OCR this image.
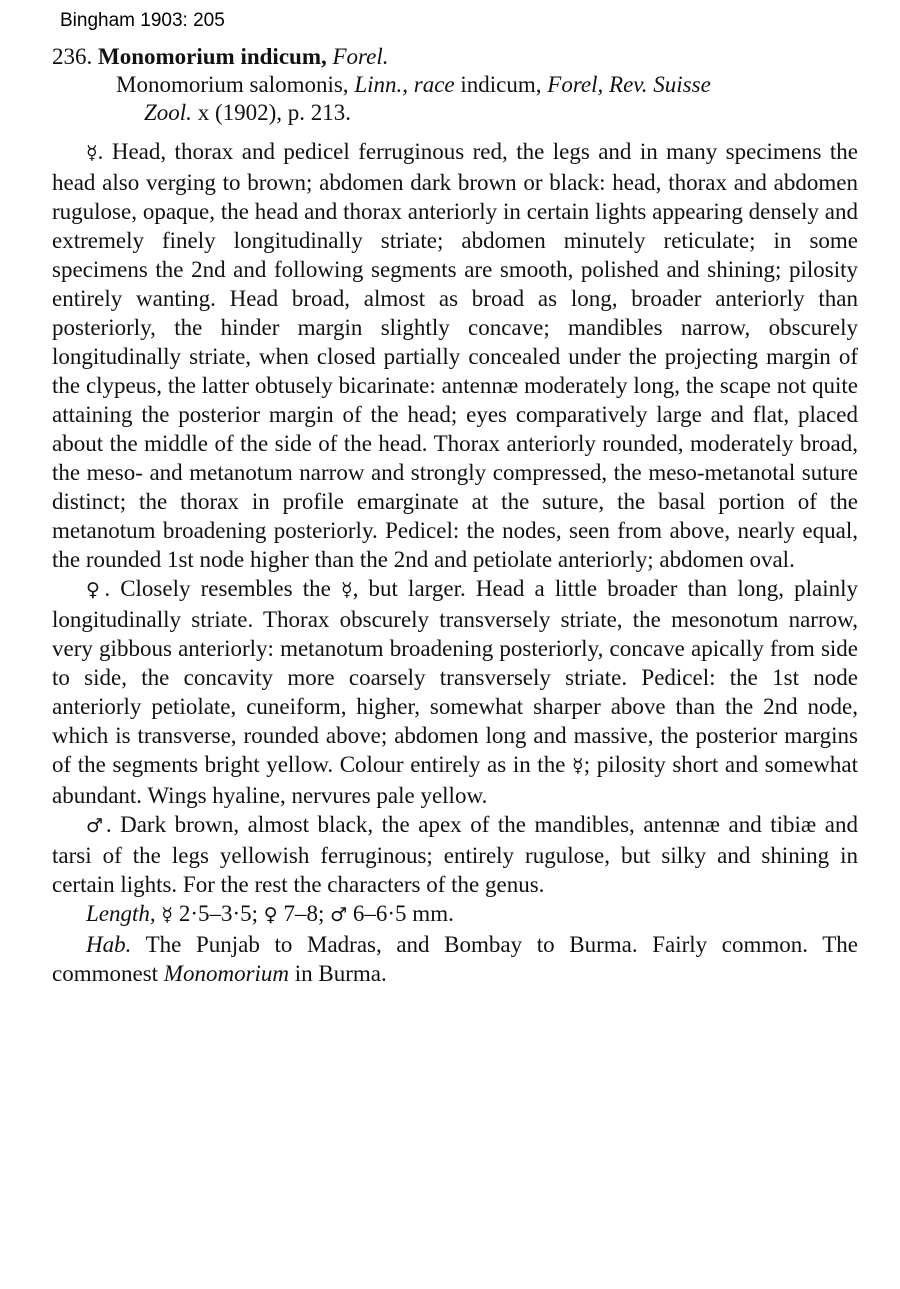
Bingham 1903: 205

236. Monomorium indicum, Forel.

Monomorium salomonis, Linn., race indicum, Forel, Rev. Suisse
Zool. x (1902), p. 213.

☿. Head, thorax and pedicel ferruginous red, the legs and in many specimens the head also verging to brown; abdomen dark brown or black: head, thorax and abdomen rugulose, opaque, the head and thorax anteriorly in certain lights appearing densely and extremely finely longitudinally striate; abdomen minutely reticulate; in some specimens the 2nd and following segments are smooth, polished and shining; pilosity entirely wanting. Head broad, almost as broad as long, broader anteriorly than posteriorly, the hinder margin slightly concave; mandibles narrow, obscurely longitudinally striate, when closed partially concealed under the projecting margin of the clypeus, the latter obtusely bicarinate: antennæ moderately long, the scape not quite attaining the posterior margin of the head; eyes comparatively large and flat, placed about the middle of the side of the head. Thorax anteriorly rounded, moderately broad, the meso- and metanotum narrow and strongly compressed, the meso-metanotal suture distinct; the thorax in profile emarginate at the suture, the basal portion of the metanotum broadening posteriorly. Pedicel: the nodes, seen from above, nearly equal, the rounded 1st node higher than the 2nd and petiolate anteriorly; abdomen oval.

♀. Closely resembles the ☿, but larger. Head a little broader than long, plainly longitudinally striate. Thorax obscurely transversely striate, the mesonotum narrow, very gibbous anteriorly: metanotum broadening posteriorly, concave apically from side to side, the concavity more coarsely transversely striate. Pedicel: the 1st node anteriorly petiolate, cuneiform, higher, somewhat sharper above than the 2nd node, which is transverse, rounded above; abdomen long and massive, the posterior margins of the segments bright yellow. Colour entirely as in the ☿; pilosity short and somewhat abundant. Wings hyaline, nervures pale yellow.

♂. Dark brown, almost black, the apex of the mandibles, antennæ and tibiæ and tarsi of the legs yellowish ferruginous; entirely rugulose, but silky and shining in certain lights. For the rest the characters of the genus.

Length, ☿ 2·5–3·5; ♀ 7–8; ♂ 6–6·5 mm.

Hab. The Punjab to Madras, and Bombay to Burma. Fairly common. The commonest Monomorium in Burma.
